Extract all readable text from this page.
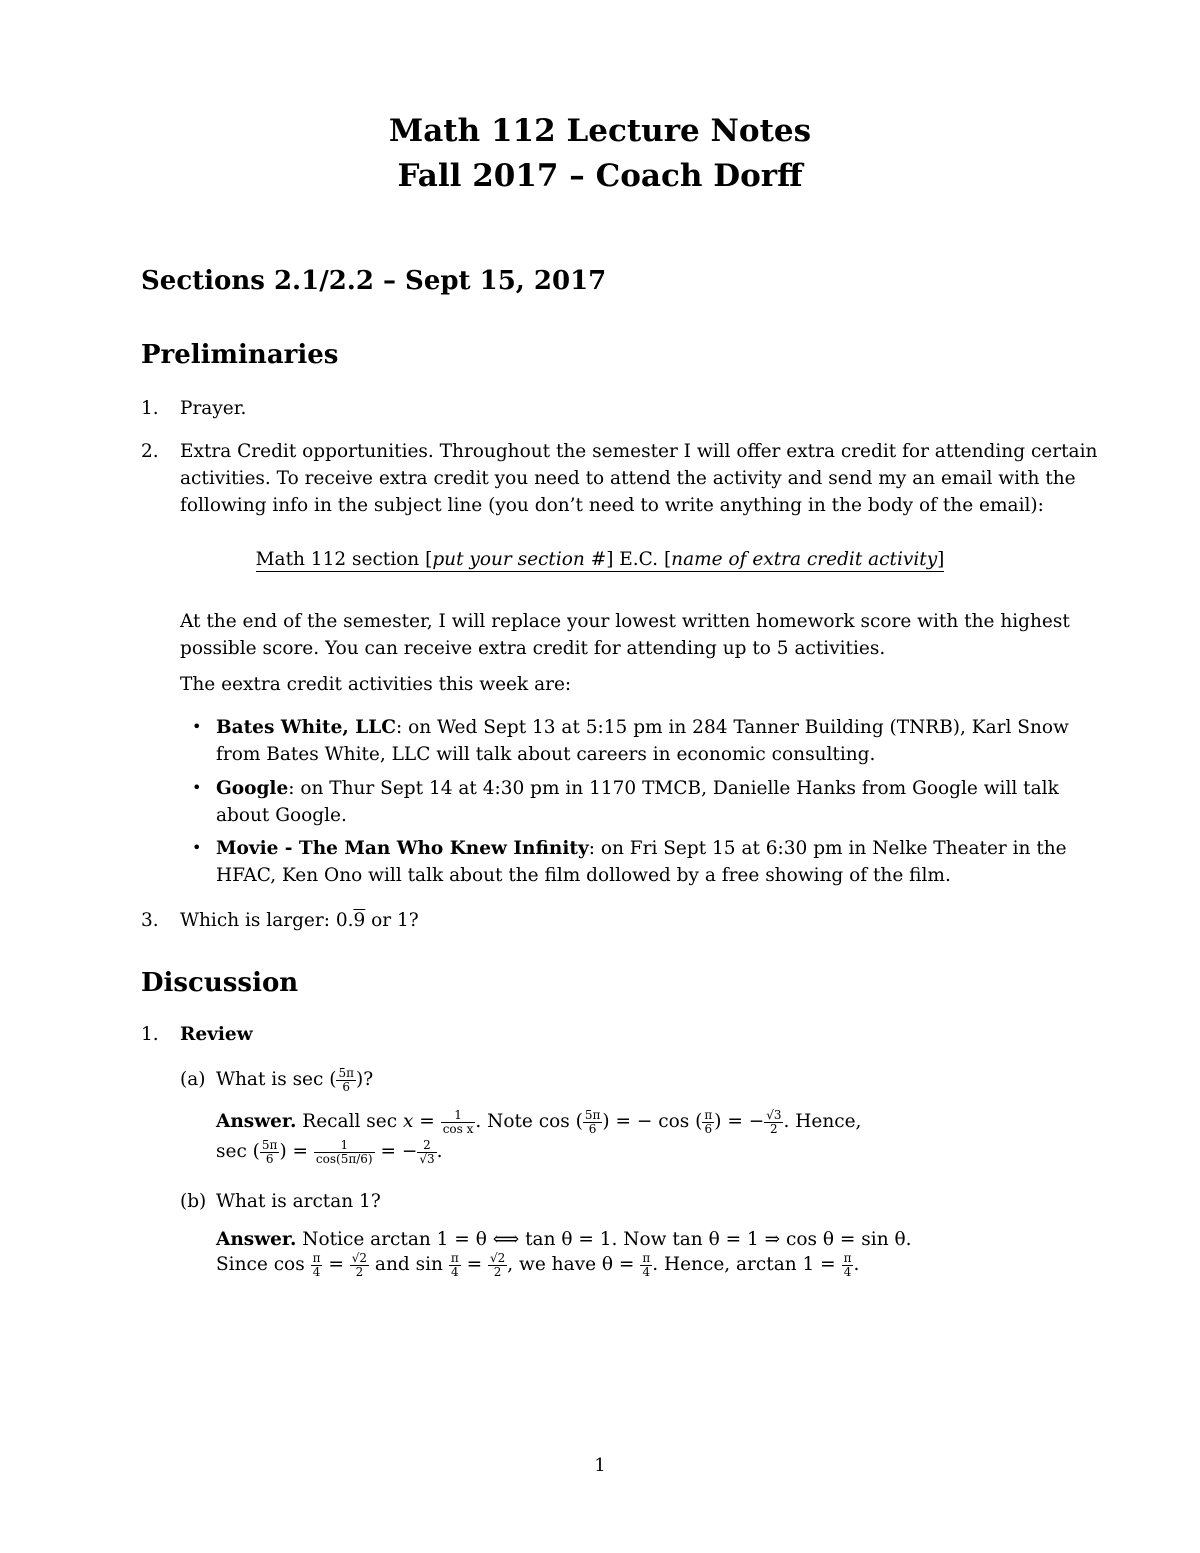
Math 112 Lecture Notes
Fall 2017 – Coach Dorff
Sections 2.1/2.2 – Sept 15, 2017
Preliminaries
1. Prayer.
2. Extra Credit opportunities. Throughout the semester I will offer extra credit for attending certain
activities. To receive extra credit you need to attend the activity and send my an email with the
following info in the subject line (you don’t need to write anything in the body of the email):
Math 112 section [put your section #] E.C. [name of extra credit activity]
At the end of the semester, I will replace your lowest written homework score with the highest
possible score. You can receive extra credit for attending up to 5 activities.
The eextra credit activities this week are:
• Bates White, LLC: on Wed Sept 13 at 5:15 pm in 284 Tanner Building (TNRB), Karl Snow
from Bates White, LLC will talk about careers in economic consulting.
• Google: on Thur Sept 14 at 4:30 pm in 1170 TMCB, Danielle Hanks from Google will talk
about Google.
• Movie - The Man Who Knew Infinity: on Fri Sept 15 at 6:30 pm in Nelke Theater in the
HFAC, Ken Ono will talk about the film dollowed by a free showing of the film.
3. Which is larger: 0.9 or 1?
Discussion
1. Review
(a) What is sec ( $\frac{5\pi}{6}$ )?
Answer. Recall $\sec x = \frac{1}{\text{cos x}}$ . Note cos ( $\frac{5\pi}{6}$ ) = − cos ( $\frac{\pi}{6}$ ) = − $\frac{√3}{2}$ . Hence,
sec ( $\frac{5\pi}{6}$ ) = $\frac{1}{\cos(5\pi/6)}$ = − $\frac{2}{√3}$ .
(b) What is arctan 1?
Answer. Notice arctan 1 = θ ⟺ tan θ = 1. Now tan θ = 1 ⇒ cos θ = sin θ.
Since $\cos \frac{\pi}{4} = \frac{√2}{2}$ and $\sin \frac{\pi}{4} = \frac{√2}{2}$ , we have $\theta = \frac{\pi}{4}$ . Hence, $\arctan 1 = \frac{\pi}{4}$ .
1
